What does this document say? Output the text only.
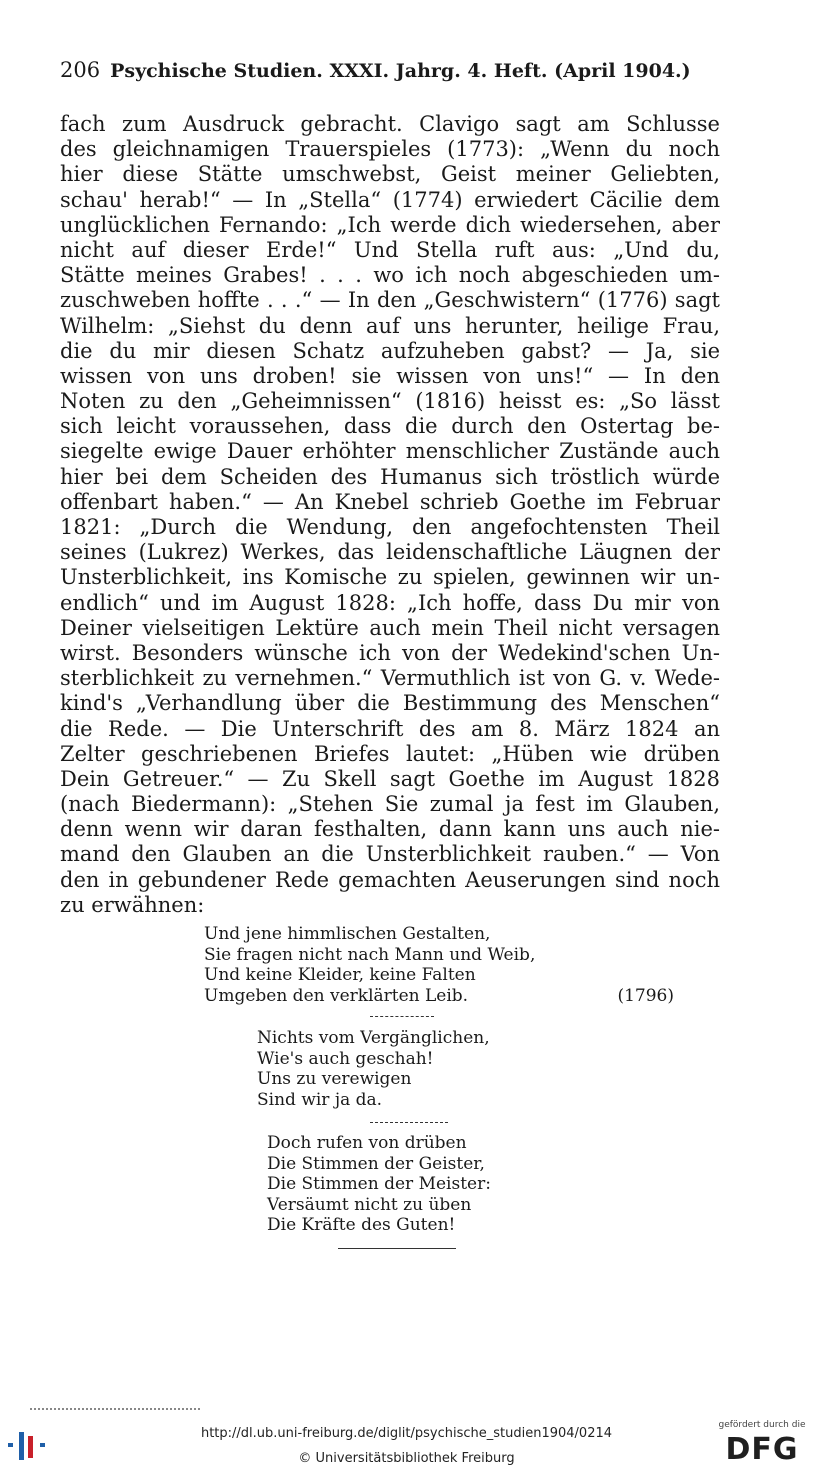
206 Psychische Studien. XXXI. Jahrg. 4. Heft. (April 1904.)
fach zum Ausdruck gebracht. Clavigo sagt am Schlusse
des gleichnamigen Trauerspieles (1773): „Wenn du noch
hier diese Stätte umschwebst, Geist meiner Geliebten,
schau' herab!“ — In „Stella“ (1774) erwiedert Cäcilie dem
unglücklichen Fernando: „Ich werde dich wiedersehen, aber
nicht auf dieser Erde!“ Und Stella ruft aus: „Und du,
Stätte meines Grabes! . . . wo ich noch abgeschieden um-
zuschweben hoffte . . .“ — In den „Geschwistern“ (1776) sagt
Wilhelm: „Siehst du denn auf uns herunter, heilige Frau,
die du mir diesen Schatz aufzuheben gabst? — Ja, sie
wissen von uns droben! sie wissen von uns!“ — In den
Noten zu den „Geheimnissen“ (1816) heisst es: „So lässt
sich leicht voraussehen, dass die durch den Ostertag be-
siegelte ewige Dauer erhöhter menschlicher Zustände auch
hier bei dem Scheiden des Humanus sich tröstlich würde
offenbart haben.“ — An Knebel schrieb Goethe im Februar
1821: „Durch die Wendung, den angefochtensten Theil
seines (Lukrez) Werkes, das leidenschaftliche Läugnen der
Unsterblichkeit, ins Komische zu spielen, gewinnen wir un-
endlich“ und im August 1828: „Ich hoffe, dass Du mir von
Deiner vielseitigen Lektüre auch mein Theil nicht versagen
wirst. Besonders wünsche ich von der Wedekind'schen Un-
sterblichkeit zu vernehmen.“ Vermuthlich ist von G. v. Wede-
kind's „Verhandlung über die Bestimmung des Menschen“
die Rede. — Die Unterschrift des am 8. März 1824 an
Zelter geschriebenen Briefes lautet: „Hüben wie drüben
Dein Getreuer.“ — Zu Skell sagt Goethe im August 1828
(nach Biedermann): „Stehen Sie zumal ja fest im Glauben,
denn wenn wir daran festhalten, dann kann uns auch nie-
mand den Glauben an die Unsterblichkeit rauben.“ — Von
den in gebundener Rede gemachten Aeuserungen sind noch
zu erwähnen:
Und jene himmlischen Gestalten,
Sie fragen nicht nach Mann und Weib,
Und keine Kleider, keine Falten
Umgeben den verklärten Leib.	(1796)
Nichts vom Vergänglichen,
Wie's auch geschah!
Uns zu verewigen
Sind wir ja da.
Doch rufen von drüben
Die Stimmen der Geister,
Die Stimmen der Meister:
Versäumt nicht zu üben
Die Kräfte des Guten!
http://dl.ub.uni-freiburg.de/diglit/psychische_studien1904/0214
© Universitätsbibliothek Freiburg
gefördert durch die
DFG
